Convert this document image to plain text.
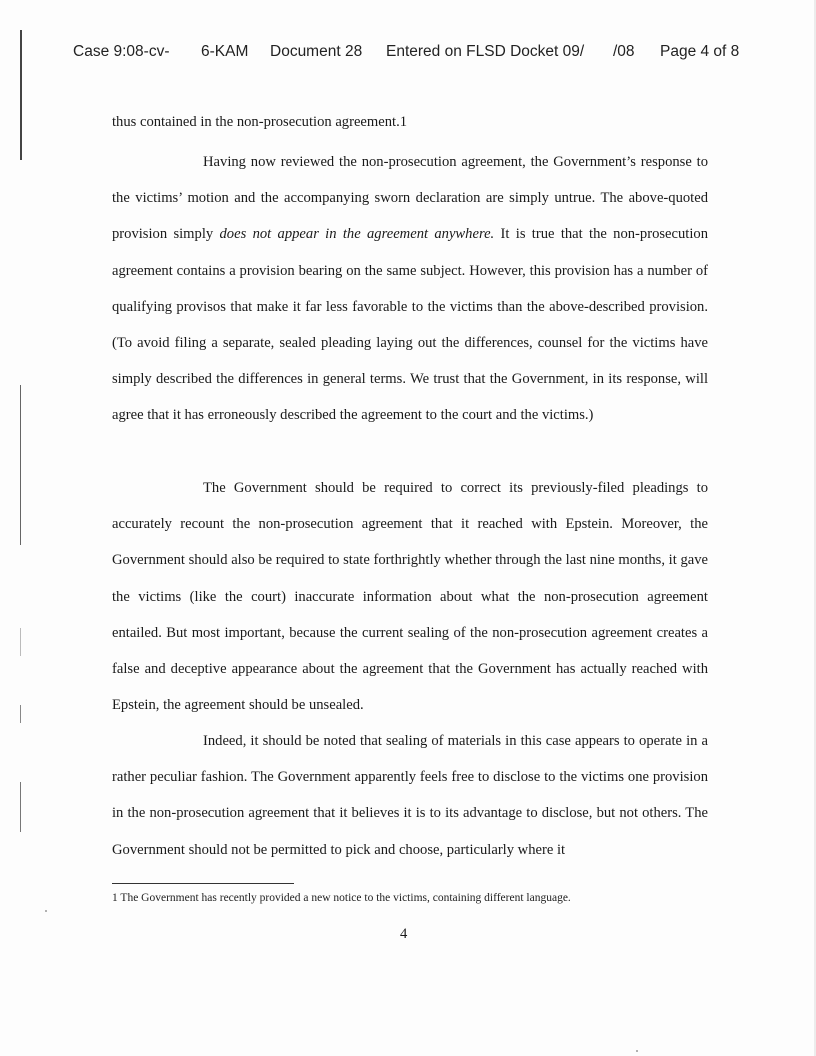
Case 9:08-cv- 6-KAM Document 28 Entered on FLSD Docket 09/ /08 Page 4 of 8
thus contained in the non-prosecution agreement.1

Having now reviewed the non-prosecution agreement, the Government’s response to the victims’ motion and the accompanying sworn declaration are simply untrue. The above-quoted provision simply does not appear in the agreement anywhere. It is true that the non-prosecution agreement contains a provision bearing on the same subject. However, this provision has a number of qualifying provisos that make it far less favorable to the victims than the above-described provision. (To avoid filing a separate, sealed pleading laying out the differences, counsel for the victims have simply described the differences in general terms. We trust that the Government, in its response, will agree that it has erroneously described the agreement to the court and the victims.)

The Government should be required to correct its previously-filed pleadings to accurately recount the non-prosecution agreement that it reached with Epstein. Moreover, the Government should also be required to state forthrightly whether through the last nine months, it gave the victims (like the court) inaccurate information about what the non-prosecution agreement entailed. But most important, because the current sealing of the non-prosecution agreement creates a false and deceptive appearance about the agreement that the Government has actually reached with Epstein, the agreement should be unsealed.

Indeed, it should be noted that sealing of materials in this case appears to operate in a rather peculiar fashion. The Government apparently feels free to disclose to the victims one provision in the non-prosecution agreement that it believes it is to its advantage to disclose, but not others. The Government should not be permitted to pick and choose, particularly where it

1 The Government has recently provided a new notice to the victims, containing different language.
4
